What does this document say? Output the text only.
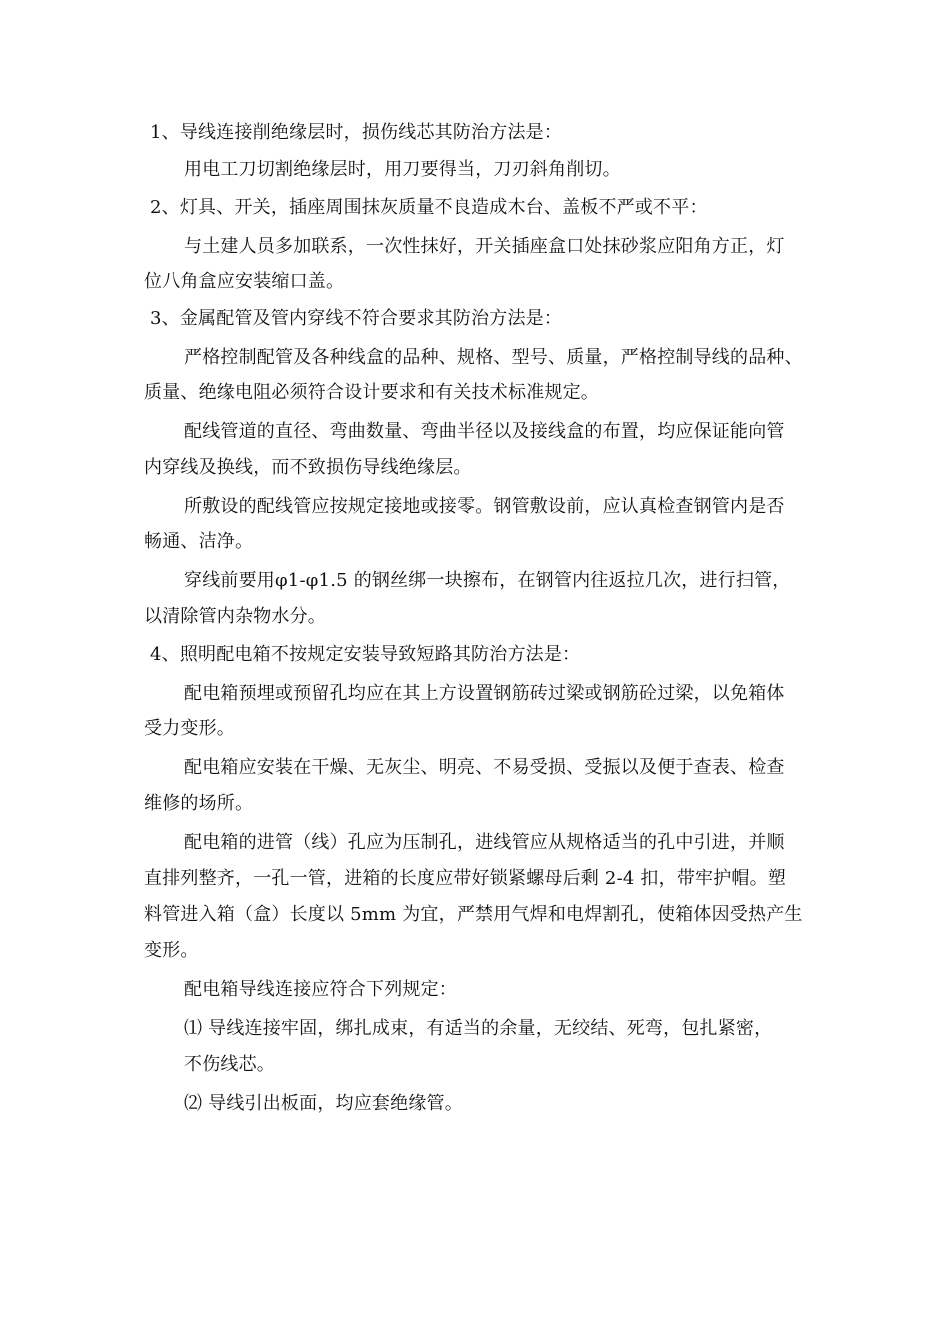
1、导线连接削绝缘层时，损伤线芯其防治方法是：
用电工刀切割绝缘层时，用刀要得当，刀刃斜角削切。
2、灯具、开关，插座周围抹灰质量不良造成木台、盖板不严或不平：
与土建人员多加联系，一次性抹好，开关插座盒口处抹砂浆应阳角方正，灯
位八角盒应安装缩口盖。
3、金属配管及管内穿线不符合要求其防治方法是：
严格控制配管及各种线盒的品种、规格、型号、质量，严格控制导线的品种、
质量、绝缘电阻必须符合设计要求和有关技术标准规定。
配线管道的直径、弯曲数量、弯曲半径以及接线盒的布置，均应保证能向管
内穿线及换线，而不致损伤导线绝缘层。
所敷设的配线管应按规定接地或接零。钢管敷设前，应认真检查钢管内是否
畅通、洁净。
穿线前要用φ1-φ1.5 的钢丝绑一块擦布，在钢管内往返拉几次，进行扫管，
以清除管内杂物水分。
4、照明配电箱不按规定安装导致短路其防治方法是：
配电箱预埋或预留孔均应在其上方设置钢筋砖过梁或钢筋砼过梁，以免箱体
受力变形。
配电箱应安装在干燥、无灰尘、明亮、不易受损、受振以及便于查表、检查
维修的场所。
配电箱的进管（线）孔应为压制孔，进线管应从规格适当的孔中引进，并顺
直排列整齐，一孔一管，进箱的长度应带好锁紧螺母后剩 2-4 扣，带牢护帽。塑
料管进入箱（盒）长度以 5mm 为宜，严禁用气焊和电焊割孔，使箱体因受热产生
变形。
配电箱导线连接应符合下列规定：
⑴ 导线连接牢固，绑扎成束，有适当的余量，无绞结、死弯，包扎紧密，
不伤线芯。
⑵ 导线引出板面，均应套绝缘管。
